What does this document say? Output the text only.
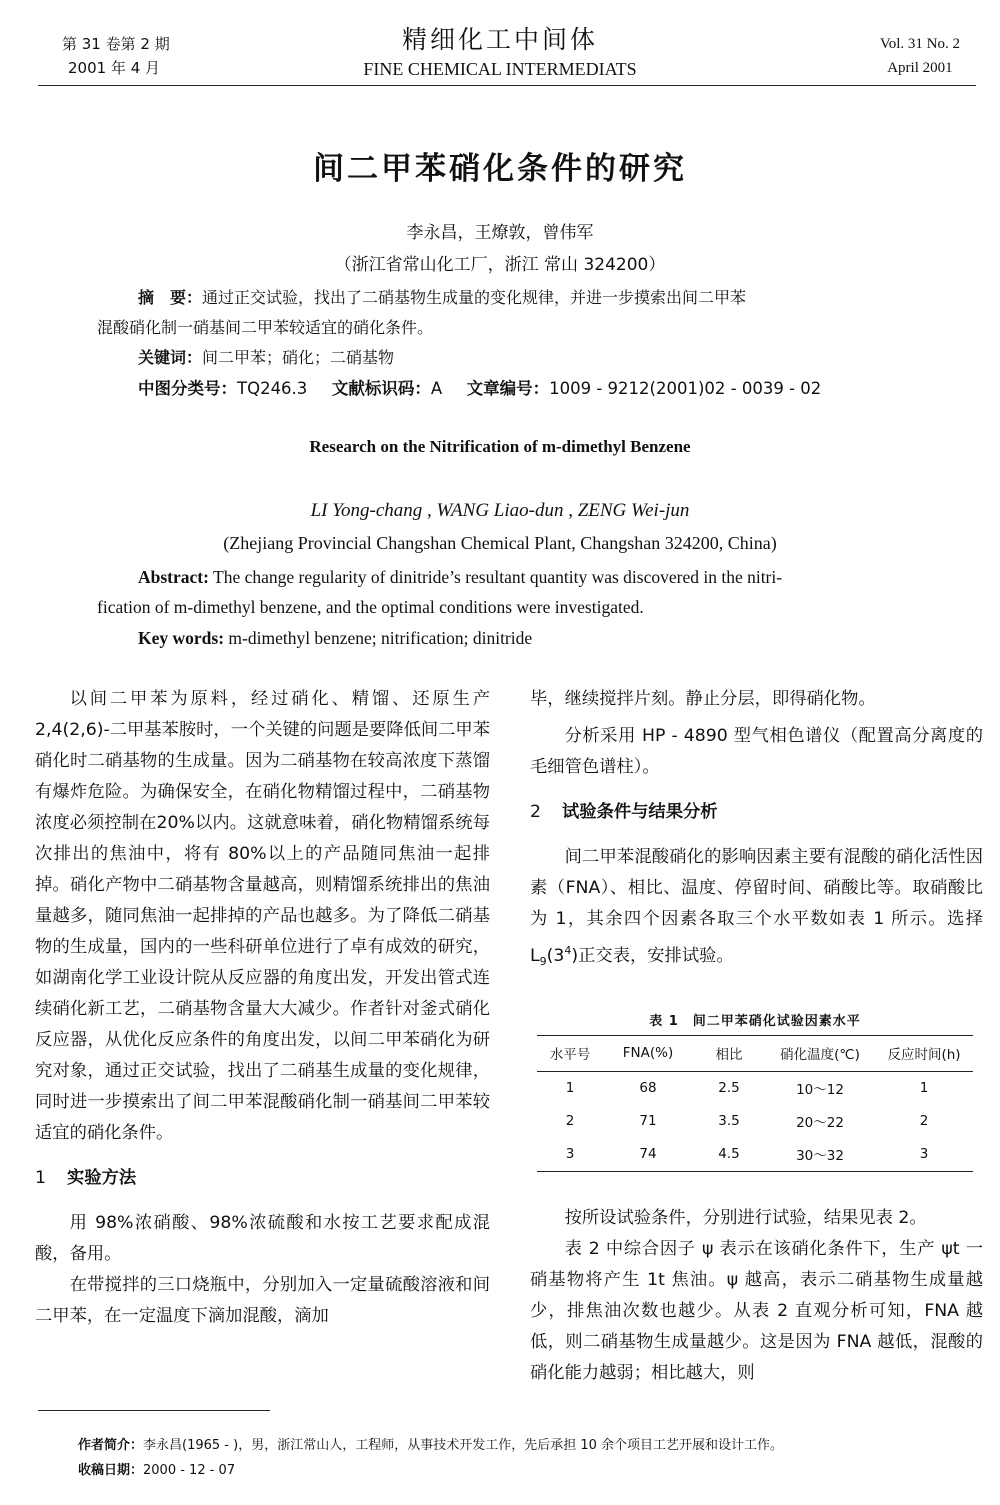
第 31 卷第 2 期
2001 年 4 月
精细化工中间体
FINE CHEMICAL INTERMEDIATS
Vol. 31 No. 2
April 2001
间二甲苯硝化条件的研究
李永昌，王燎敦，曾伟军
（浙江省常山化工厂，浙江 常山 324200）
摘　要：通过正交试验，找出了二硝基物生成量的变化规律，并进一步摸索出间二甲苯
混酸硝化制一硝基间二甲苯较适宜的硝化条件。
关键词：间二甲苯；硝化；二硝基物
中图分类号：TQ246.3 文献标识码：A 文章编号：1009 - 9212(2001)02 - 0039 - 02
Research on the Nitrification of m-dimethyl Benzene
LI Yong-chang , WANG Liao-dun , ZENG Wei-jun
(Zhejiang Provincial Changshan Chemical Plant, Changshan 324200, China)
Abstract: The change regularity of dinitride’s resultant quantity was discovered in the nitri-
fication of m-dimethyl benzene, and the optimal conditions were investigated.
Key words: m-dimethyl benzene; nitrification; dinitride

以间二甲苯为原料，经过硝化、精馏、还原生产2,4(2,6)-二甲基苯胺时，一个关键的问题是要降低间二甲苯硝化时二硝基物的生成量。因为二硝基物在较高浓度下蒸馏有爆炸危险。为确保安全，在硝化物精馏过程中，二硝基物浓度必须控制在20%以内。这就意味着，硝化物精馏系统每次排出的焦油中，将有 80%以上的产品随同焦油一起排掉。硝化产物中二硝基物含量越高，则精馏系统排出的焦油量越多，随同焦油一起排掉的产品也越多。为了降低二硝基物的生成量，国内的一些科研单位进行了卓有成效的研究，如湖南化学工业设计院从反应器的角度出发，开发出管式连续硝化新工艺，二硝基物含量大大减少。作者针对釜式硝化反应器，从优化反应条件的角度出发，以间二甲苯硝化为研究对象，通过正交试验，找出了二硝基生成量的变化规律，同时进一步摸索出了间二甲苯混酸硝化制一硝基间二甲苯较适宜的硝化条件。

1 实验方法

用 98%浓硝酸、98%浓硫酸和水按工艺要求配成混酸，备用。

在带搅拌的三口烧瓶中，分别加入一定量硫酸溶液和间二甲苯，在一定温度下滴加混酸，滴加

毕，继续搅拌片刻。静止分层，即得硝化物。

分析采用 HP - 4890 型气相色谱仪（配置高分离度的毛细管色谱柱）。

2 试验条件与结果分析

间二甲苯混酸硝化的影响因素主要有混酸的硝化活性因素（FNA）、相比、温度、停留时间、硝酸比等。取硝酸比为 1，其余四个因素各取三个水平数如表 1 所示。选择 $L_9(3^4)$正交表，安排试验。

表 1　间二甲苯硝化试验因素水平
水平号	FNA(%)	相比	硝化温度(℃)	反应时间(h)
1	68	2.5	10～12	1
2	71	3.5	20～22	2
3	74	4.5	30～32	3

按所设试验条件，分别进行试验，结果见表 2。

表 2 中综合因子 ψ 表示在该硝化条件下，生产 ψt 一硝基物将产生 1t 焦油。ψ 越高，表示二硝基物生成量越少，排焦油次数也越少。从表 2 直观分析可知，FNA 越低，则二硝基物生成量越少。这是因为 FNA 越低，混酸的硝化能力越弱；相比越大，则

作者简介：李永昌(1965 - )，男，浙江常山人，工程师，从事技术开发工作，先后承担 10 余个项目工艺开展和设计工作。
收稿日期：2000 - 12 - 07
